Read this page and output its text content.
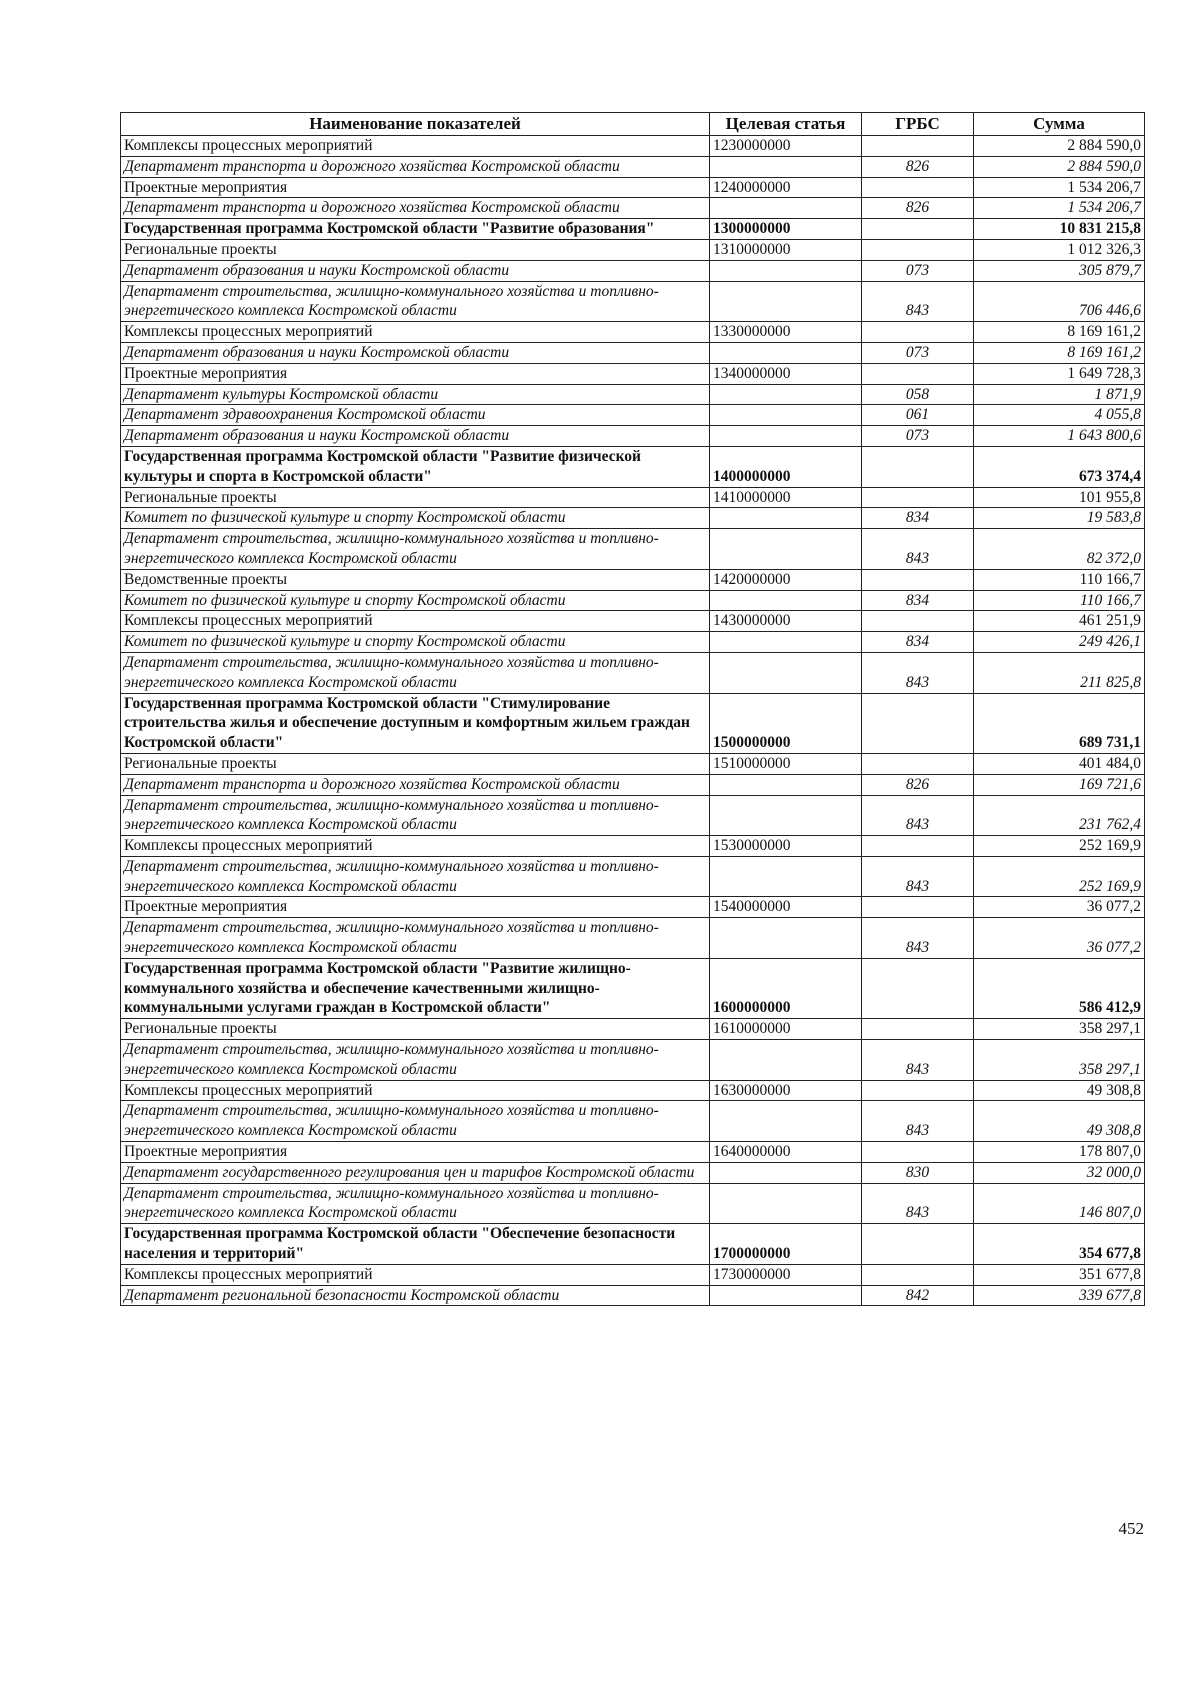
Наименование показателей	Целевая статья	ГРБС	Сумма
Комплексы процессных мероприятий	1230000000		2 884 590,0
Департамент транспорта и дорожного хозяйства Костромской области		826	2 884 590,0
Проектные мероприятия	1240000000		1 534 206,7
Департамент транспорта и дорожного хозяйства Костромской области		826	1 534 206,7
Государственная программа Костромской области "Развитие образования"	1300000000		10 831 215,8
Региональные проекты	1310000000		1 012 326,3
Департамент образования и науки Костромской области		073	305 879,7
Департамент строительства, жилищно-коммунального хозяйства и топливно-энергетического комплекса Костромской области		843	706 446,6
Комплексы процессных мероприятий	1330000000		8 169 161,2
Департамент образования и науки Костромской области		073	8 169 161,2
Проектные мероприятия	1340000000		1 649 728,3
Департамент культуры Костромской области		058	1 871,9
Департамент здравоохранения Костромской области		061	4 055,8
Департамент образования и науки Костромской области		073	1 643 800,6
Государственная программа Костромской области "Развитие физической культуры и спорта в Костромской области"	1400000000		673 374,4
Региональные проекты	1410000000		101 955,8
Комитет по физической культуре и спорту Костромской области		834	19 583,8
Департамент строительства, жилищно-коммунального хозяйства и топливно-энергетического комплекса Костромской области		843	82 372,0
Ведомственные проекты	1420000000		110 166,7
Комитет по физической культуре и спорту Костромской области		834	110 166,7
Комплексы процессных мероприятий	1430000000		461 251,9
Комитет по физической культуре и спорту Костромской области		834	249 426,1
Департамент строительства, жилищно-коммунального хозяйства и топливно-энергетического комплекса Костромской области		843	211 825,8
Государственная программа Костромской области "Стимулирование строительства жилья и обеспечение доступным и комфортным жильем граждан Костромской области"	1500000000		689 731,1
Региональные проекты	1510000000		401 484,0
Департамент транспорта и дорожного хозяйства Костромской области		826	169 721,6
Департамент строительства, жилищно-коммунального хозяйства и топливно-энергетического комплекса Костромской области		843	231 762,4
Комплексы процессных мероприятий	1530000000		252 169,9
Департамент строительства, жилищно-коммунального хозяйства и топливно-энергетического комплекса Костромской области		843	252 169,9
Проектные мероприятия	1540000000		36 077,2
Департамент строительства, жилищно-коммунального хозяйства и топливно-энергетического комплекса Костромской области		843	36 077,2
Государственная программа Костромской области "Развитие жилищно-коммунального хозяйства и обеспечение качественными жилищно-коммунальными услугами граждан в Костромской области"	1600000000		586 412,9
Региональные проекты	1610000000		358 297,1
Департамент строительства, жилищно-коммунального хозяйства и топливно-энергетического комплекса Костромской области		843	358 297,1
Комплексы процессных мероприятий	1630000000		49 308,8
Департамент строительства, жилищно-коммунального хозяйства и топливно-энергетического комплекса Костромской области		843	49 308,8
Проектные мероприятия	1640000000		178 807,0
Департамент государственного регулирования цен и тарифов Костромской области		830	32 000,0
Департамент строительства, жилищно-коммунального хозяйства и топливно-энергетического комплекса Костромской области		843	146 807,0
Государственная программа Костромской области "Обеспечение безопасности населения и территорий"	1700000000		354 677,8
Комплексы процессных мероприятий	1730000000		351 677,8
Департамент региональной безопасности Костромской области		842	339 677,8
452
